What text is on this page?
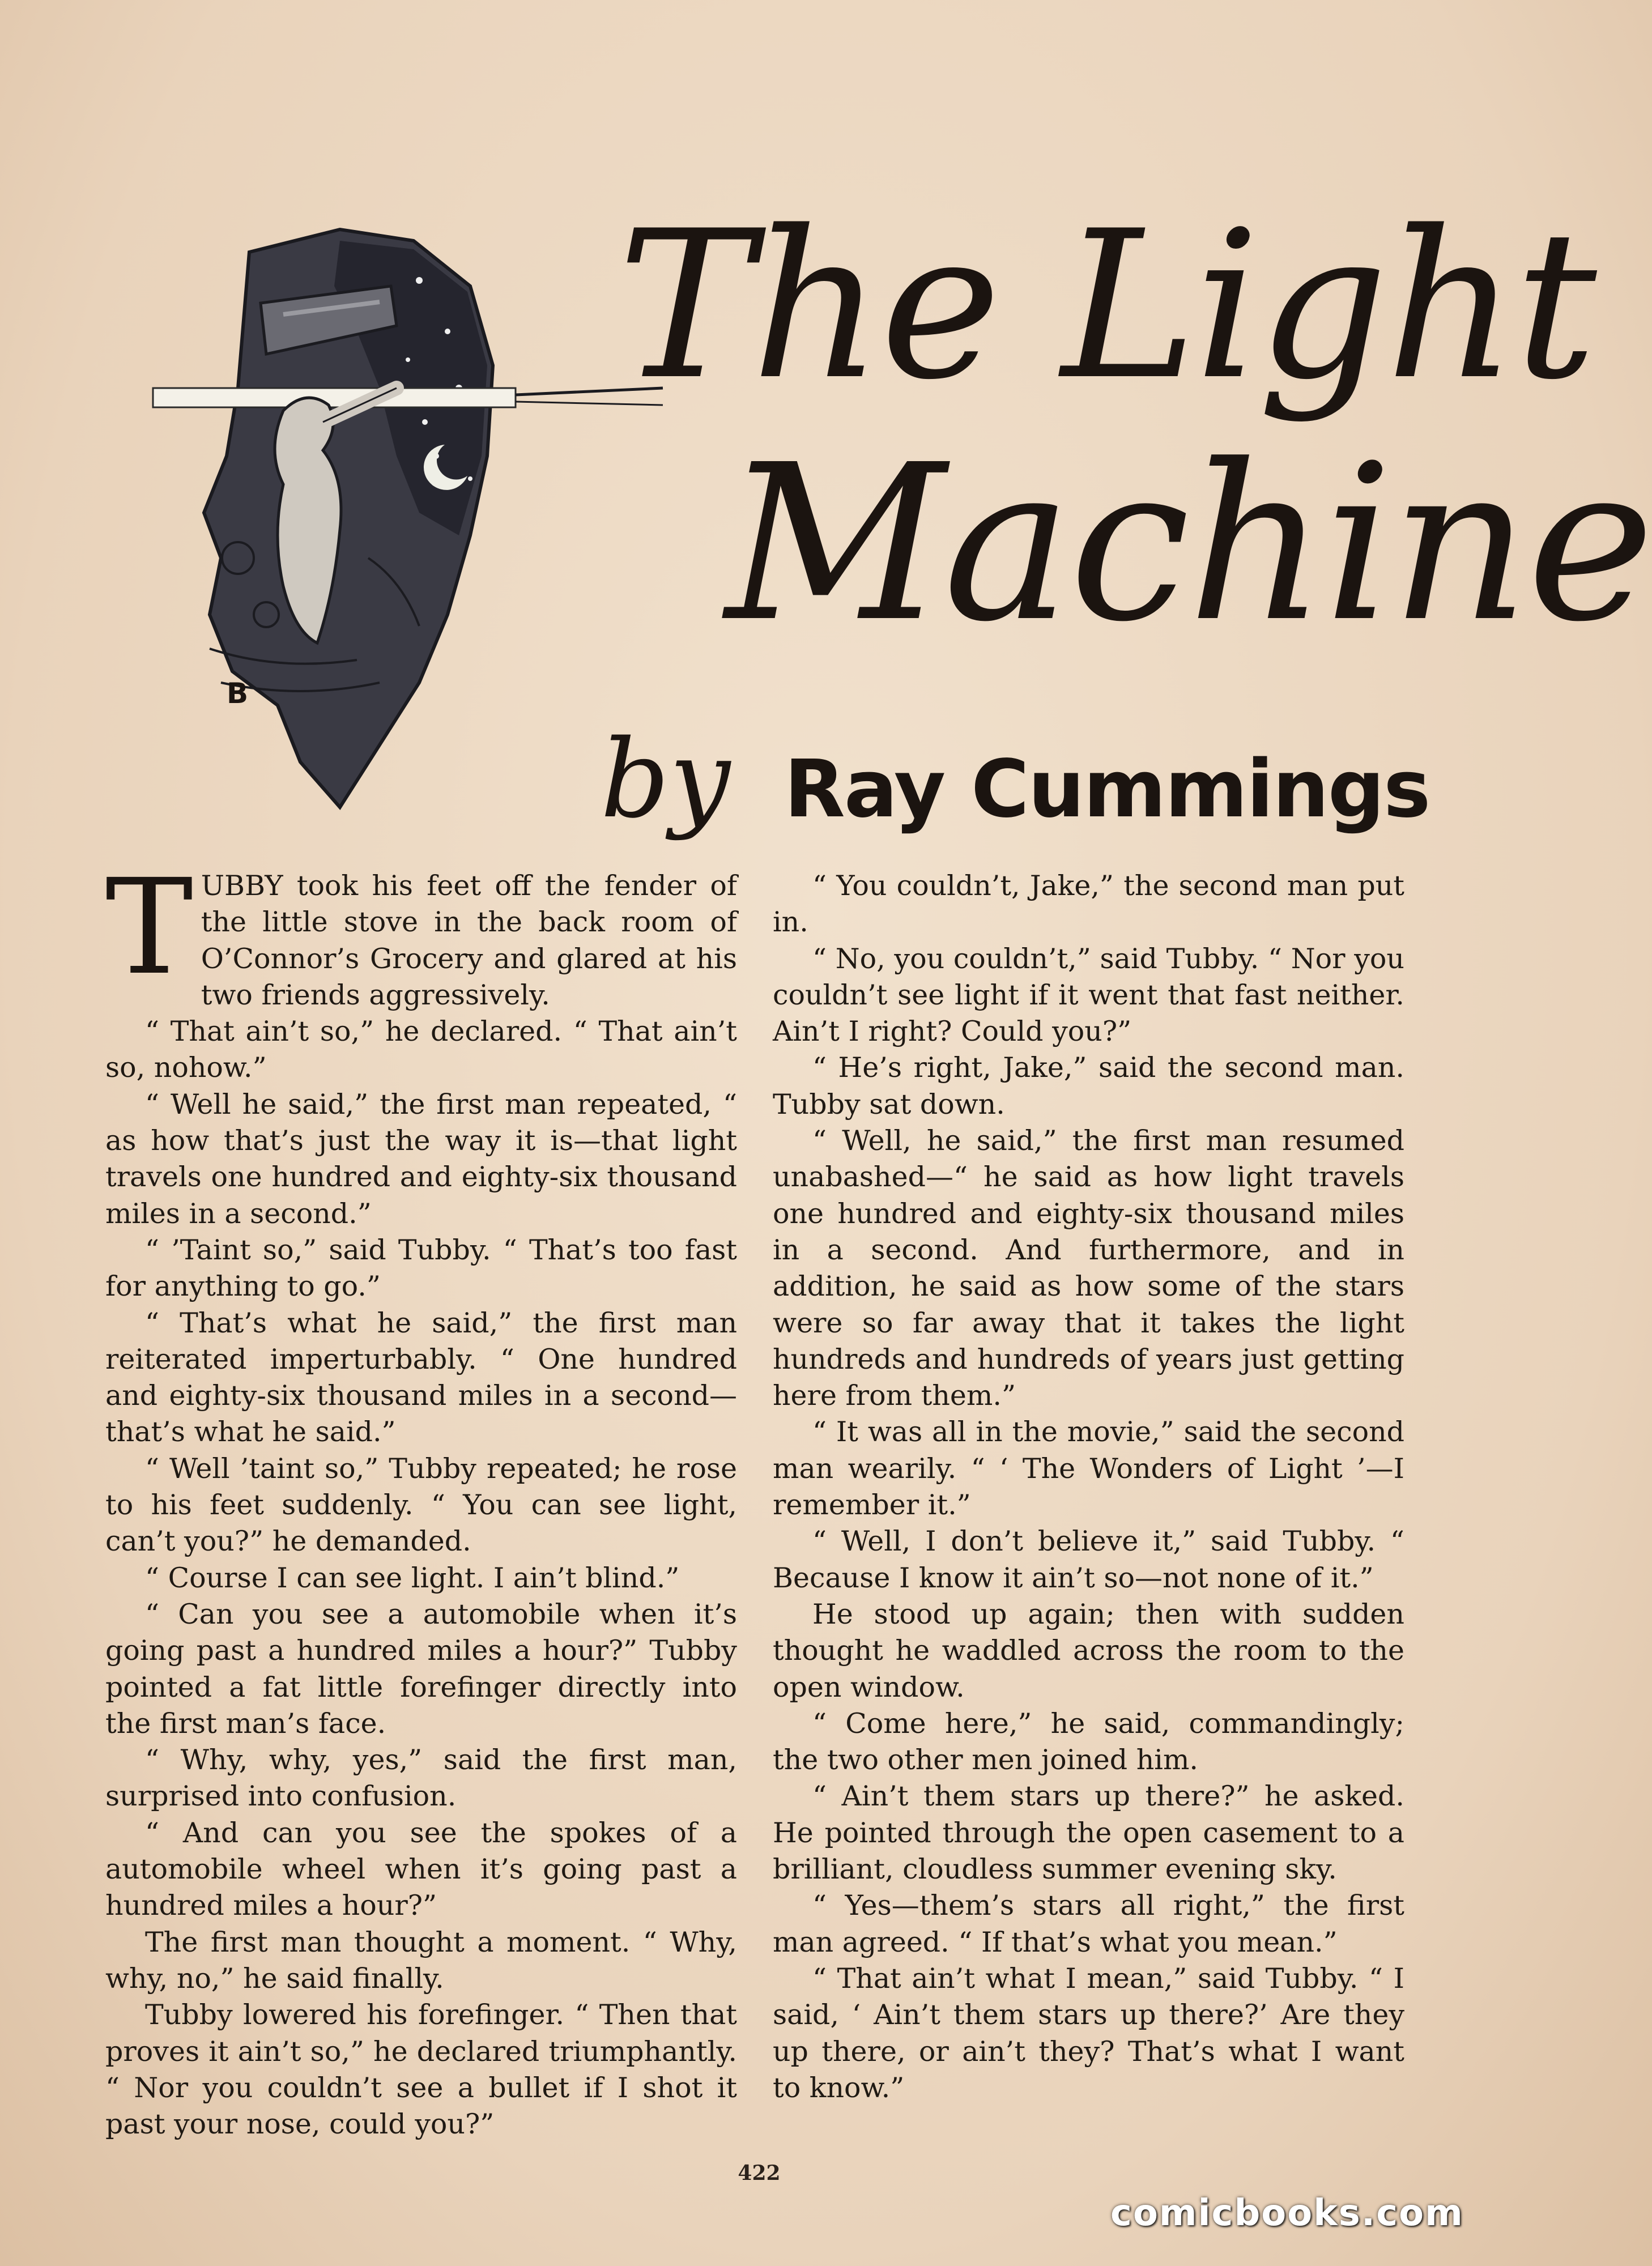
B
The Light
Machine
by Ray Cummings

TUBBY took his feet off the fender of the little stove in the back room of O’Connor’s Grocery and glared at his two friends aggressively.

“ That ain’t so,” he declared. “ That ain’t so, nohow.”

“ Well he said,” the first man repeated, “ as how that’s just the way it is—that light travels one hundred and eighty-six thousand miles in a second.”

“ ’Taint so,” said Tubby. “ That’s too fast for anything to go.”

“ That’s what he said,” the first man reiterated imperturbably. “ One hundred and eighty-six thousand miles in a second— that’s what he said.”

“ Well ’taint so,” Tubby repeated; he rose to his feet suddenly. “ You can see light, can’t you?” he demanded.

“ Course I can see light. I ain’t blind.”

“ Can you see a automobile when it’s going past a hundred miles a hour?” Tubby pointed a fat little forefinger directly into the first man’s face.

“ Why, why, yes,” said the first man, surprised into confusion.

“ And can you see the spokes of a automobile wheel when it’s going past a hundred miles a hour?”

The first man thought a moment. “ Why, why, no,” he said finally.

Tubby lowered his forefinger. “ Then that proves it ain’t so,” he declared triumphantly. “ Nor you couldn’t see a bullet if I shot it past your nose, could you?”

“ You couldn’t, Jake,” the second man put in.

“ No, you couldn’t,” said Tubby. “ Nor you couldn’t see light if it went that fast neither. Ain’t I right? Could you?”

“ He’s right, Jake,” said the second man. Tubby sat down.

“ Well, he said,” the first man resumed unabashed—“ he said as how light travels one hundred and eighty-six thousand miles in a second. And furthermore, and in addition, he said as how some of the stars were so far away that it takes the light hundreds and hundreds of years just getting here from them.”

“ It was all in the movie,” said the second man wearily. “ ‘ The Wonders of Light ’—I remember it.”

“ Well, I don’t believe it,” said Tubby. “ Because I know it ain’t so—not none of it.”

He stood up again; then with sudden thought he waddled across the room to the open window.

“ Come here,” he said, commandingly; the two other men joined him.

“ Ain’t them stars up there?” he asked. He pointed through the open casement to a brilliant, cloudless summer evening sky.

“ Yes—them’s stars all right,” the first man agreed. “ If that’s what you mean.”

“ That ain’t what I mean,” said Tubby. “ I said, ‘ Ain’t them stars up there?’ Are they up there, or ain’t they? That’s what I want to know.”

422
comicbooks.com
